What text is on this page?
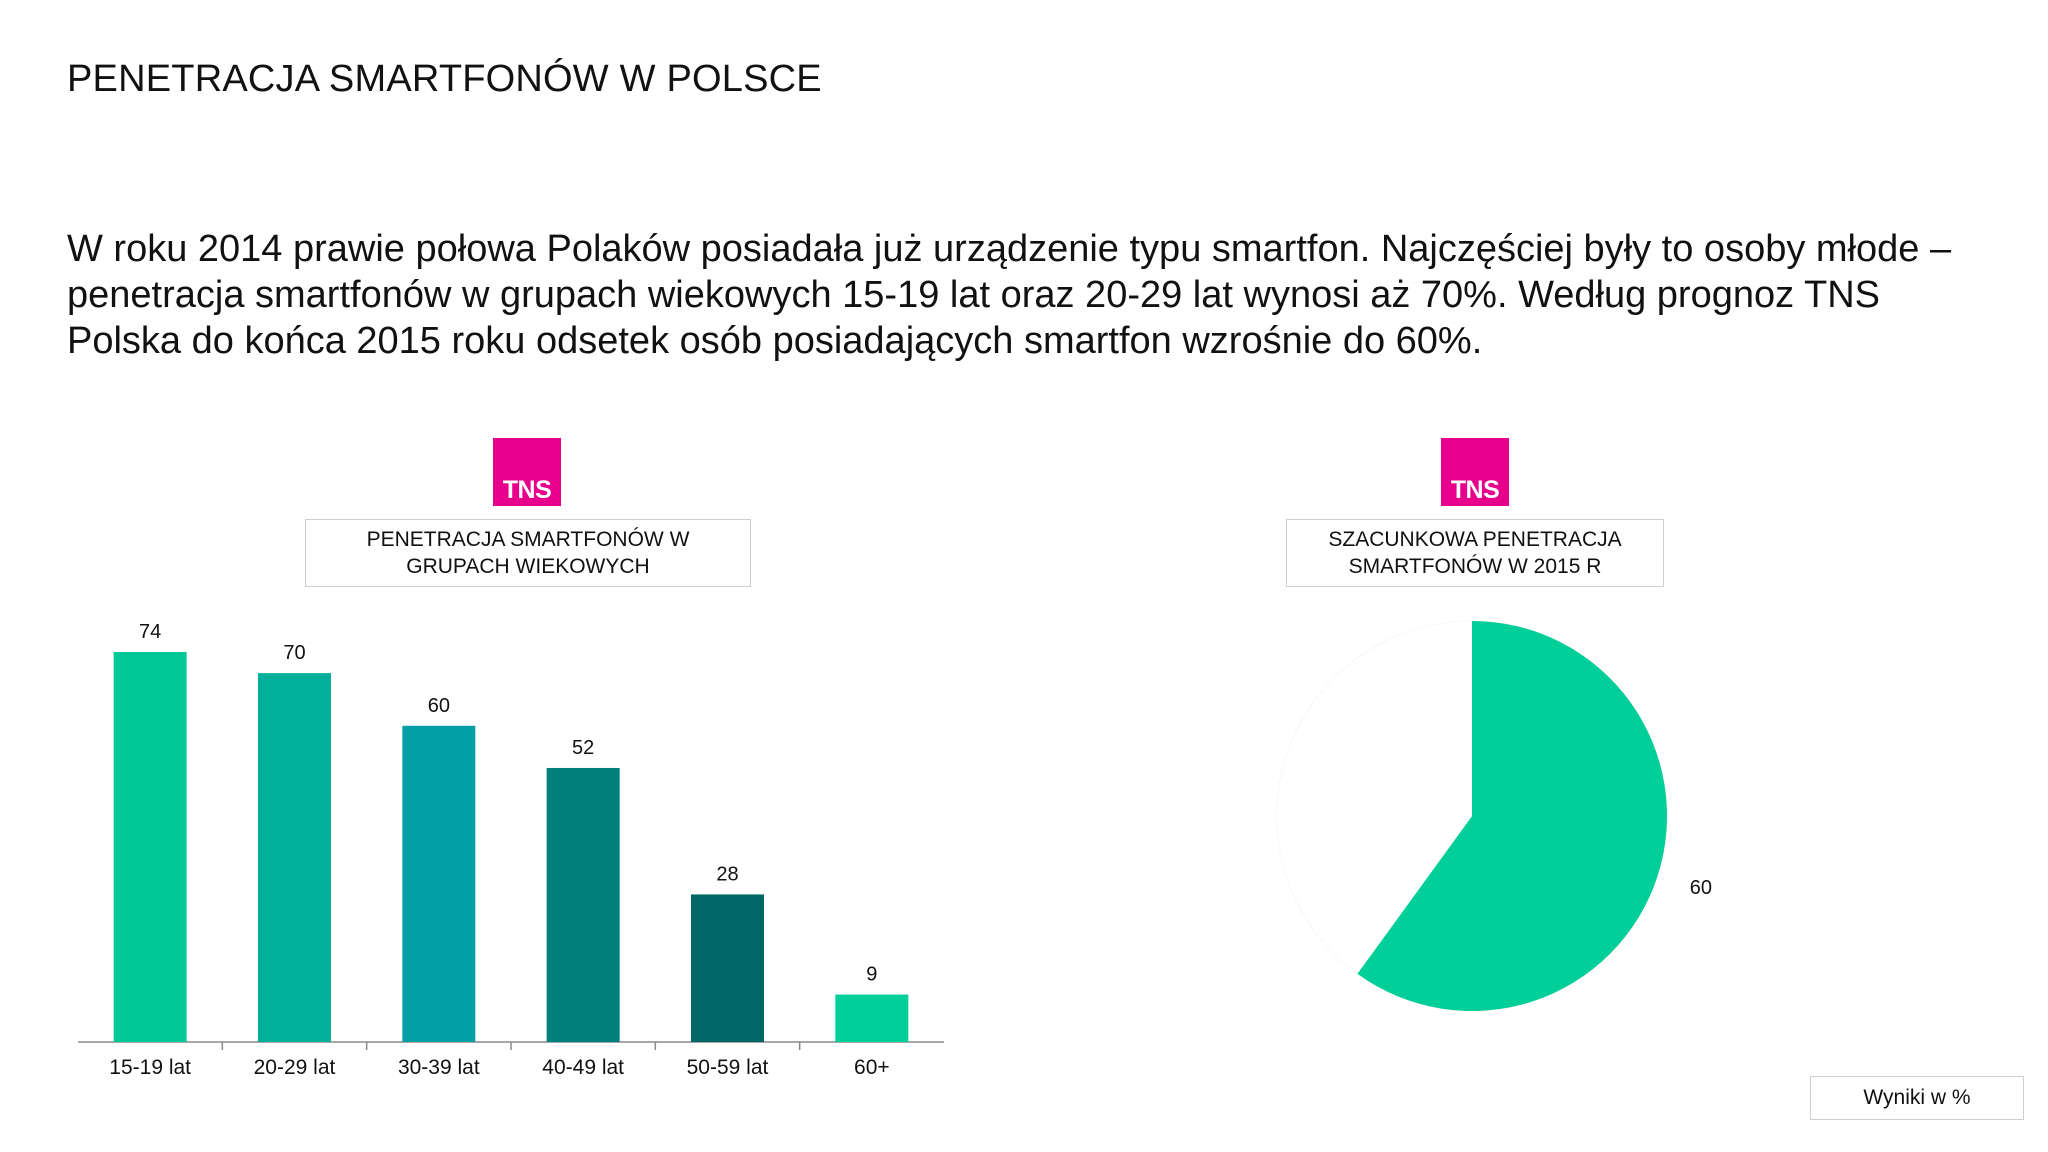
PENETRACJA SMARTFONÓW W POLSCE
W roku 2014 prawie połowa Polaków posiadała już urządzenie typu smartfon. Najczęściej były to osoby młode –
penetracja smartfonów w grupach wiekowych 15-19 lat oraz 20-29 lat wynosi aż 70%. Według prognoz TNS
Polska do końca 2015 roku odsetek osób posiadających smartfon wzrośnie do 60%.
TNS
PENETRACJA SMARTFONÓW W
GRUPACH WIEKOWYCH
TNS
SZACUNKOWA PENETRACJA
SMARTFONÓW W 2015 R
74
15-19 lat
70
20-29 lat
60
30-39 lat
52
40-49 lat
28
50-59 lat
9
60+
60
Wyniki w %
